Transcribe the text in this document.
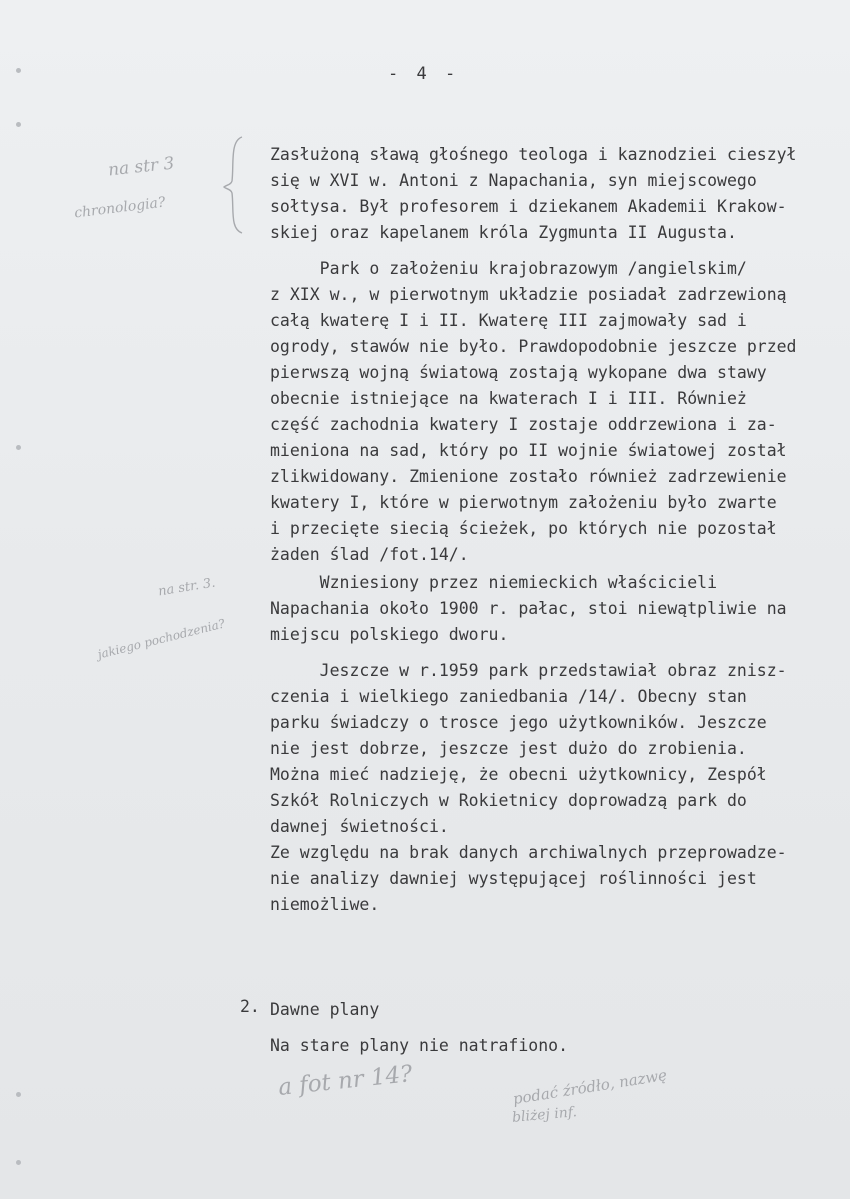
- 4 -
Zasłużoną sławą głośnego teologa i kaznodziei cieszył
się w XVI w. Antoni z Napachania, syn miejscowego
sołtysa. Był profesorem i dziekanem Akademii Krakow-
skiej oraz kapelanem króla Zygmunta II Augusta.
Park o założeniu krajobrazowym /angielskim/
z XIX w., w pierwotnym układzie posiadał zadrzewioną
całą kwaterę I i II. Kwaterę III zajmowały sad i
ogrody, stawów nie było. Prawdopodobnie jeszcze przed
pierwszą wojną światową zostają wykopane dwa stawy
obecnie istniejące na kwaterach I i III. Również
część zachodnia kwatery I zostaje oddrzewiona i za-
mieniona na sad, który po II wojnie światowej został
zlikwidowany. Zmienione zostało również zadrzewienie
kwatery I, które w pierwotnym założeniu było zwarte
i przecięte siecią ścieżek, po których nie pozostał
żaden ślad /fot.14/.
Wzniesiony przez niemieckich właścicieli
Napachania około 1900 r. pałac, stoi niewątpliwie na
miejscu polskiego dworu.
Jeszcze w r.1959 park przedstawiał obraz znisz-
czenia i wielkiego zaniedbania /14/. Obecny stan
parku świadczy o trosce jego użytkowników. Jeszcze
nie jest dobrze, jeszcze jest dużo do zrobienia.
Można mieć nadzieję, że obecni użytkownicy, Zespół
Szkół Rolniczych w Rokietnicy doprowadzą park do
dawnej świetności.
Ze względu na brak danych archiwalnych przeprowadze-
nie analizy dawniej występującej roślinności jest
niemożliwe.
2. Dawne plany
Na stare plany nie natrafiono.
na str 3
chronologia?
na str. 3.
jakiego pochodzenia?
a fot nr 14?	podać źródło, nazwę
bliżej inf.
